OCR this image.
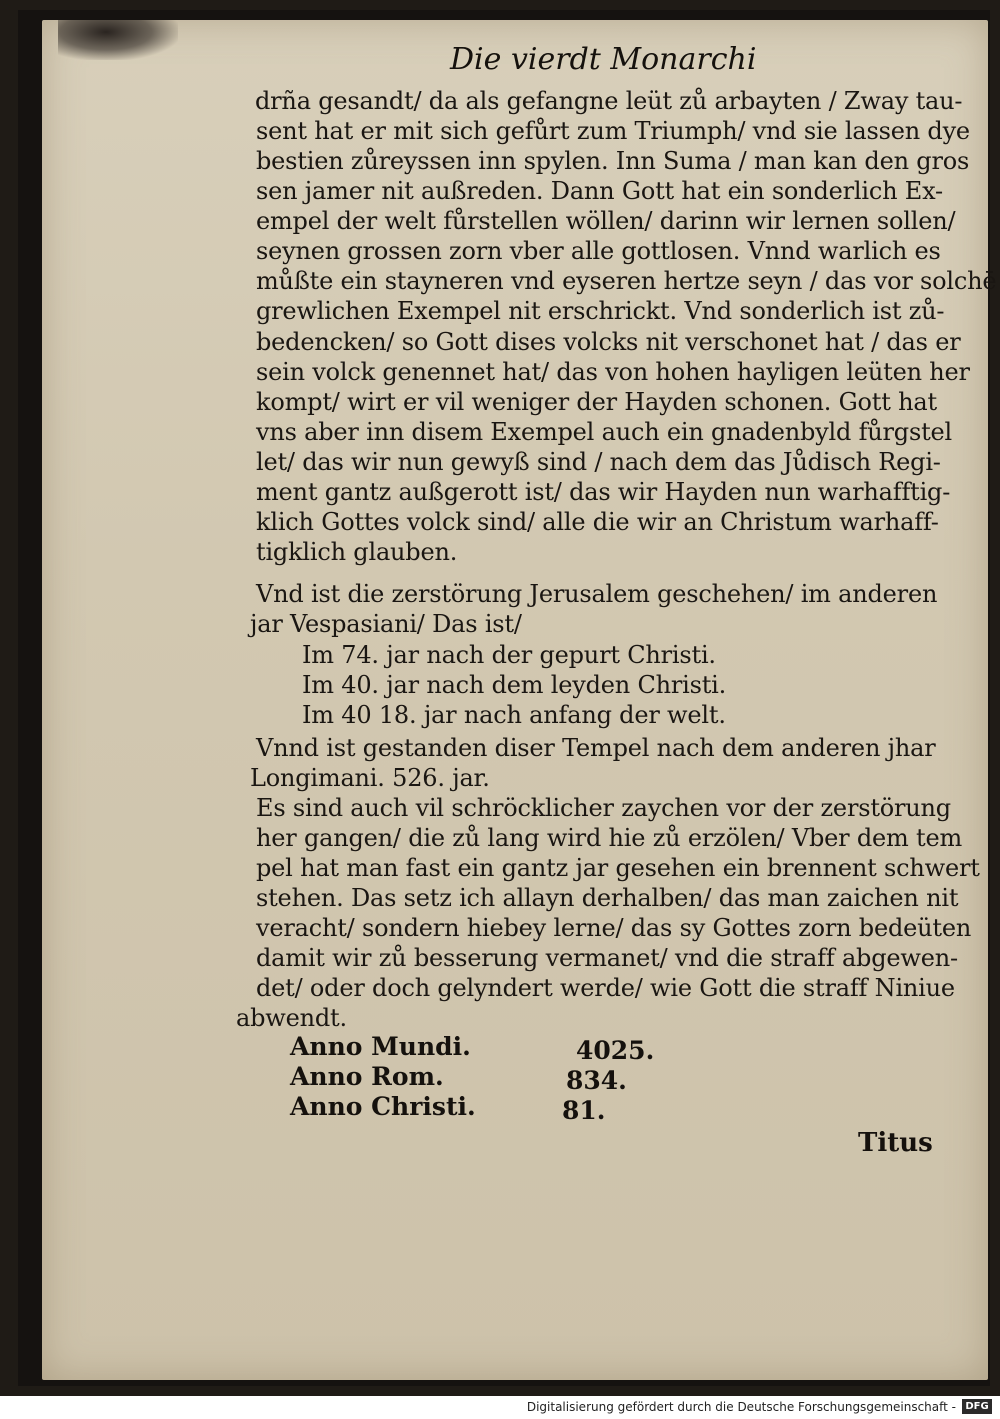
Die vierdt Monarchi
drña gesandt/ da als gefangne leüt zů arbayten / Zway tau-
sent hat er mit sich gefůrt zum Triumph/ vnd sie lassen dye
bestien zůreyssen inn spylen. Inn Suma / man kan den gros
sen jamer nit außreden. Dann Gott hat ein sonderlich Ex-
empel der welt fůrstellen wöllen/ darinn wir lernen sollen/
seynen grossen zorn vber alle gottlosen. Vnnd warlich es
můßte ein stayneren vnd eyseren hertze seyn / das vor solchē
grewlichen Exempel nit erschrickt. Vnd sonderlich ist zů-
bedencken/ so Gott dises volcks nit verschonet hat / das er
sein volck genennet hat/ das von hohen hayligen leüten her
kompt/ wirt er vil weniger der Hayden schonen. Gott hat
vns aber inn disem Exempel auch ein gnadenbyld fůrgstel
let/ das wir nun gewyß sind / nach dem das Jůdisch Regi-
ment gantz außgerott ist/ das wir Hayden nun warhafftig-
klich Gottes volck sind/ alle die wir an Christum warhaff-
tigklich glauben.
Vnd ist die zerstörung Jerusalem geschehen/ im anderen
jar Vespasiani/ Das ist/
Im 74. jar nach der gepurt Christi.
Im 40. jar nach dem leyden Christi.
Im 40 18. jar nach anfang der welt.
Vnnd ist gestanden diser Tempel nach dem anderen jhar
Longimani. 526. jar.
Es sind auch vil schröcklicher zaychen vor der zerstörung
her gangen/ die zů lang wird hie zů erzölen/ Vber dem tem
pel hat man fast ein gantz jar gesehen ein brennent schwert
stehen. Das setz ich allayn derhalben/ das man zaichen nit
veracht/ sondern hiebey lerne/ das sy Gottes zorn bedeüten
damit wir zů besserung vermanet/ vnd die straff abgewen-
det/ oder doch gelyndert werde/ wie Gott die straff Niniue
abwendt.
Anno Mundi.	4025.
Anno Rom.	834.
Anno Christi.	81.
Titus
Digitalisierung gefördert durch die Deutsche Forschungsgemeinschaft - DFG
